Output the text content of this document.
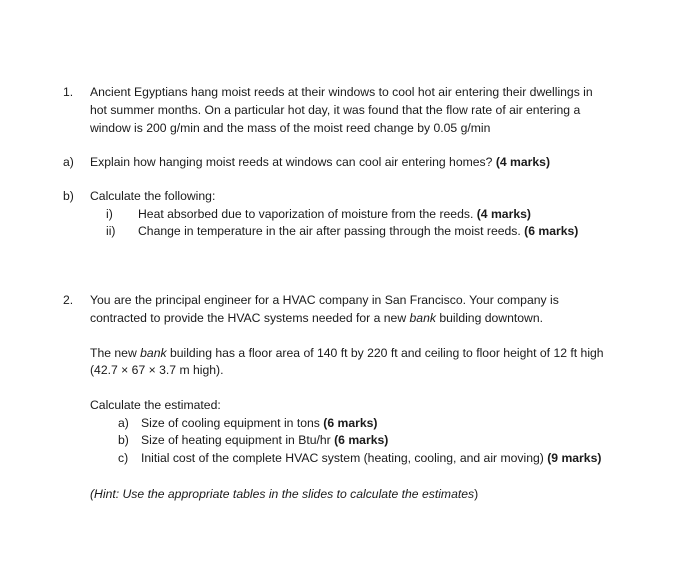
1. Ancient Egyptians hang moist reeds at their windows to cool hot air entering their dwellings in
hot summer months. On a particular hot day, it was found that the flow rate of air entering a
window is 200 g/min and the mass of the moist reed change by 0.05 g/min
a) Explain how hanging moist reeds at windows can cool air entering homes? (4 marks)
b) Calculate the following:
i) Heat absorbed due to vaporization of moisture from the reeds. (4 marks)
ii) Change in temperature in the air after passing through the moist reeds. (6 marks)
2. You are the principal engineer for a HVAC company in San Francisco. Your company is
contracted to provide the HVAC systems needed for a new bank building downtown.
The new bank building has a floor area of 140 ft by 220 ft and ceiling to floor height of 12 ft high
(42.7 × 67 × 3.7 m high).
Calculate the estimated:
a) Size of cooling equipment in tons (6 marks)
b) Size of heating equipment in Btu/hr (6 marks)
c) Initial cost of the complete HVAC system (heating, cooling, and air moving) (9 marks)
(Hint: Use the appropriate tables in the slides to calculate the estimates)
